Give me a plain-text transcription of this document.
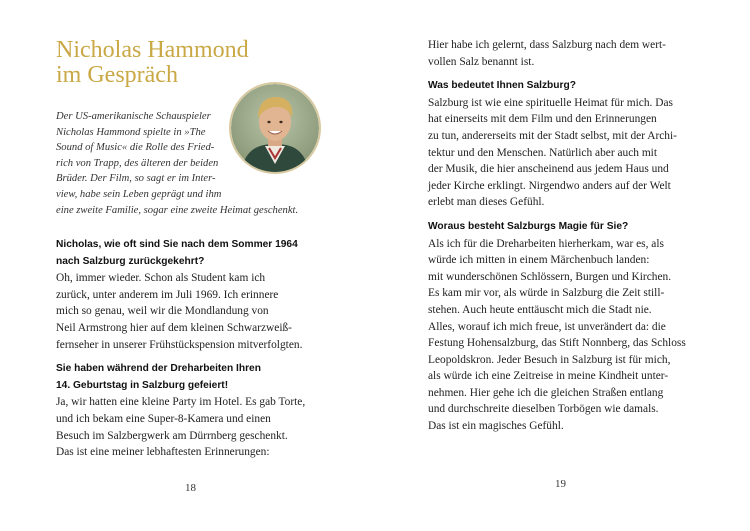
Nicholas Hammond
im Gespräch
Der US-amerikanische Schauspieler
Nicholas Hammond spielte in »The
Sound of Music« die Rolle des Fried-
rich von Trapp, des älteren der beiden
Brüder. Der Film, so sagt er im Inter-
view, habe sein Leben geprägt und ihm
eine zweite Familie, sogar eine zweite Heimat geschenkt.
Nicholas, wie oft sind Sie nach dem Sommer 1964
nach Salzburg zurückgekehrt?
Oh, immer wieder. Schon als Student kam ich
zurück, unter anderem im Juli 1969. Ich erinnere
mich so genau, weil wir die Mondlandung von
Neil Armstrong hier auf dem kleinen Schwarzweiß-
fernseher in unserer Frühstückspension mitverfolgten.
Sie haben während der Dreharbeiten Ihren
14. Geburtstag in Salzburg gefeiert!
Ja, wir hatten eine kleine Party im Hotel. Es gab Torte,
und ich bekam eine Super-8-Kamera und einen
Besuch im Salzbergwerk am Dürrnberg geschenkt.
Das ist eine meiner lebhaftesten Erinnerungen:
18
Hier habe ich gelernt, dass Salzburg nach dem wert-
vollen Salz benannt ist.
Was bedeutet Ihnen Salzburg?
Salzburg ist wie eine spirituelle Heimat für mich. Das
hat einerseits mit dem Film und den Erinnerungen
zu tun, andererseits mit der Stadt selbst, mit der Archi-
tektur und den Menschen. Natürlich aber auch mit
der Musik, die hier anscheinend aus jedem Haus und
jeder Kirche erklingt. Nirgendwo anders auf der Welt
erlebt man dieses Gefühl.
Woraus besteht Salzburgs Magie für Sie?
Als ich für die Dreharbeiten hierherkam, war es, als
würde ich mitten in einem Märchenbuch landen:
mit wunderschönen Schlössern, Burgen und Kirchen.
Es kam mir vor, als würde in Salzburg die Zeit still-
stehen. Auch heute enttäuscht mich die Stadt nie.
Alles, worauf ich mich freue, ist unverändert da: die
Festung Hohensalzburg, das Stift Nonnberg, das Schloss
Leopoldskron. Jeder Besuch in Salzburg ist für mich,
als würde ich eine Zeitreise in meine Kindheit unter-
nehmen. Hier gehe ich die gleichen Straßen entlang
und durchschreite dieselben Torbögen wie damals.
Das ist ein magisches Gefühl.
19
